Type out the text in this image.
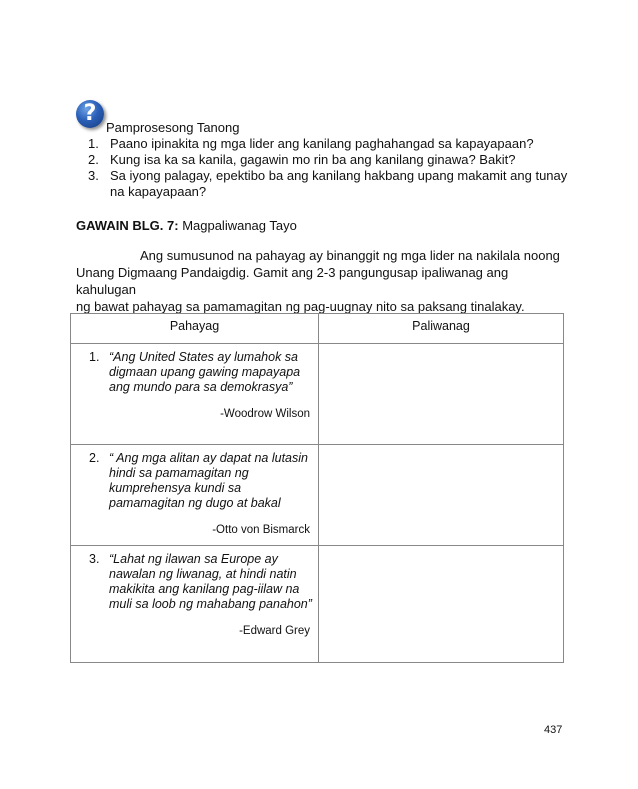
?
Pamprosesong Tanong
1. Paano ipinakita ng mga lider ang kanilang paghahangad sa kapayapaan?
2. Kung isa ka sa kanila, gagawin mo rin ba ang kanilang ginawa? Bakit?
3. Sa iyong palagay, epektibo ba ang kanilang hakbang upang makamit ang tunay na kapayapaan?
GAWAIN BLG. 7: Magpaliwanag Tayo
Ang sumusunod na pahayag ay binanggit ng mga lider na nakilala noong
Unang Digmaang Pandaigdig. Gamit ang 2-3 pangungusap ipaliwanag ang kahulugan
ng bawat pahayag sa pamamagitan ng pag-uugnay nito sa paksang tinalakay.
Pahayag	Paliwanag

1. “Ang United States ay lumahok sa digmaan upang gawing mapayapa ang mundo para sa demokrasya”
-Woodrow Wilson	

2. “ Ang mga alitan ay dapat na lutasin hindi sa pamamagitan ng kumprehensya kundi sa pamamagitan ng dugo at bakal
-Otto von Bismarck	

3. “Lahat ng ilawan sa Europe ay nawalan ng liwanag, at hindi natin makikita ang kanilang pag-iilaw na muli sa loob ng mahabang panahon”
-Edward Grey	

437
